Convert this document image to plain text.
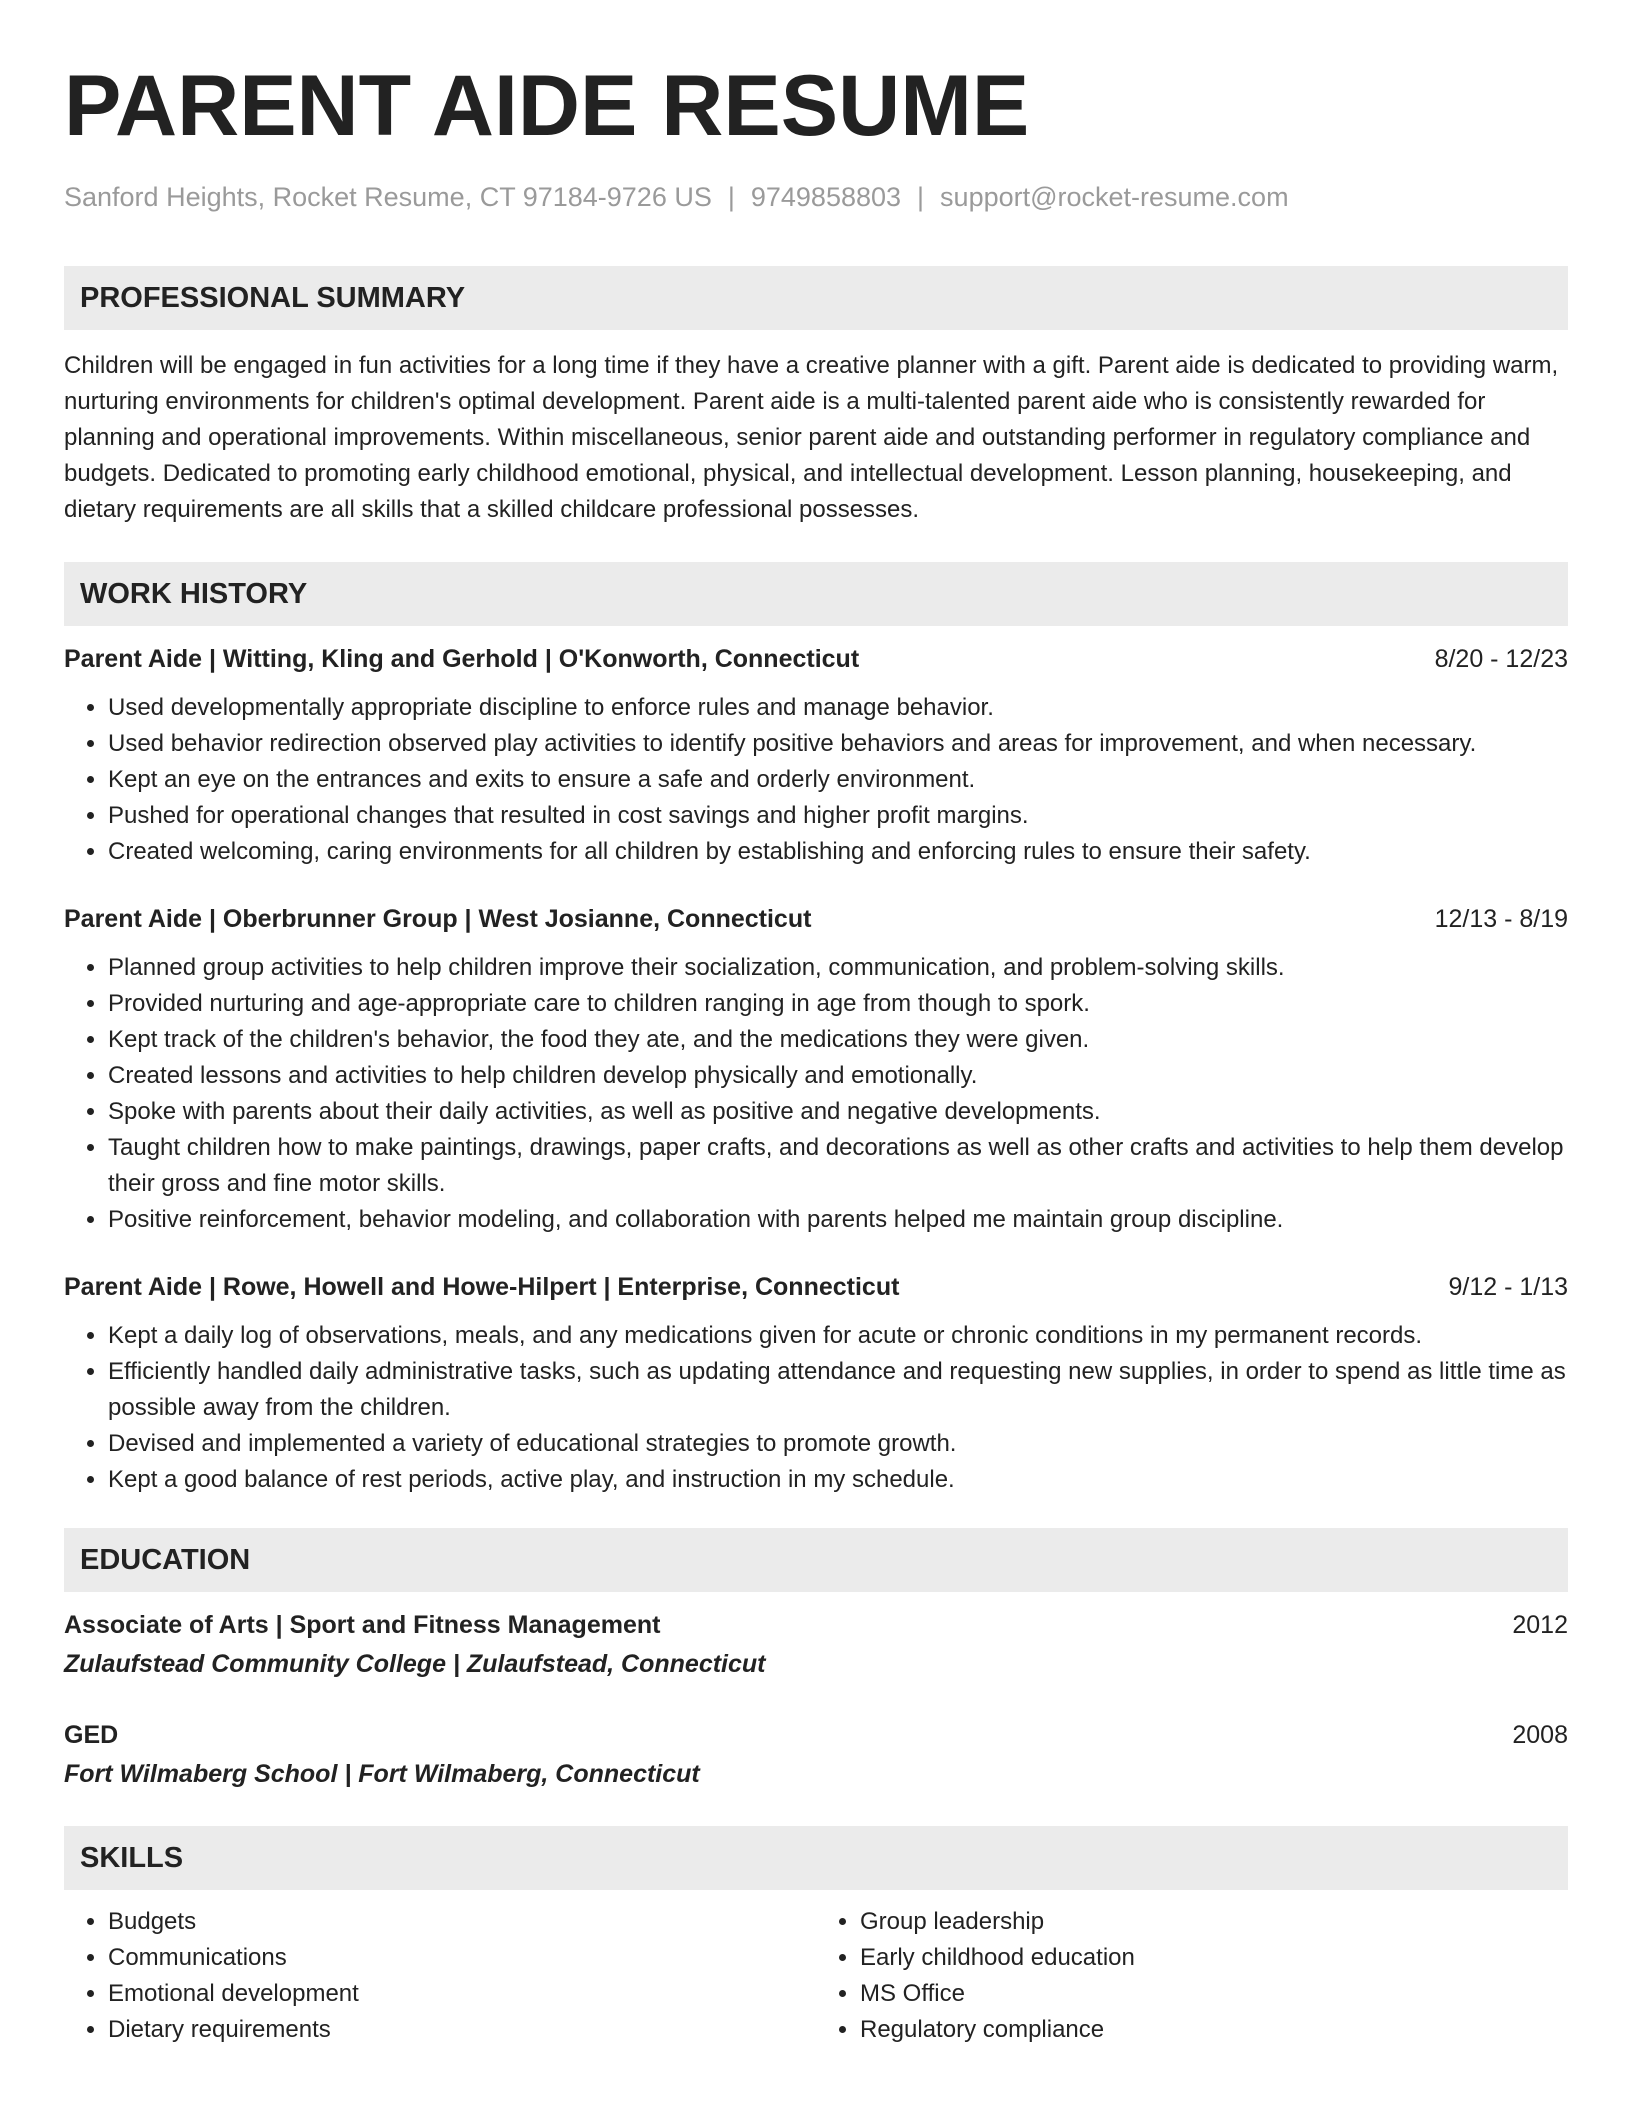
PARENT AIDE RESUME
Sanford Heights, Rocket Resume, CT 97184-9726 US | 9749858803 | support@rocket-resume.com
PROFESSIONAL SUMMARY

Children will be engaged in fun activities for a long time if they have a creative planner with a gift. Parent aide is dedicated to providing warm, nurturing environments for children's optimal development. Parent aide is a multi-talented parent aide who is consistently rewarded for planning and operational improvements. Within miscellaneous, senior parent aide and outstanding performer in regulatory compliance and budgets. Dedicated to promoting early childhood emotional, physical, and intellectual development. Lesson planning, housekeeping, and dietary requirements are all skills that a skilled childcare professional possesses.

WORK HISTORY
Parent Aide | Witting, Kling and Gerhold | O'Konworth, Connecticut	8/20 - 12/23
• Used developmentally appropriate discipline to enforce rules and manage behavior.
• Used behavior redirection observed play activities to identify positive behaviors and areas for improvement, and when necessary.
• Kept an eye on the entrances and exits to ensure a safe and orderly environment.
• Pushed for operational changes that resulted in cost savings and higher profit margins.
• Created welcoming, caring environments for all children by establishing and enforcing rules to ensure their safety.
Parent Aide | Oberbrunner Group | West Josianne, Connecticut	12/13 - 8/19
• Planned group activities to help children improve their socialization, communication, and problem-solving skills.
• Provided nurturing and age-appropriate care to children ranging in age from though to spork.
• Kept track of the children's behavior, the food they ate, and the medications they were given.
• Created lessons and activities to help children develop physically and emotionally.
• Spoke with parents about their daily activities, as well as positive and negative developments.
• Taught children how to make paintings, drawings, paper crafts, and decorations as well as other crafts and activities to help them develop their gross and fine motor skills.
• Positive reinforcement, behavior modeling, and collaboration with parents helped me maintain group discipline.
Parent Aide | Rowe, Howell and Howe-Hilpert | Enterprise, Connecticut	9/12 - 1/13
• Kept a daily log of observations, meals, and any medications given for acute or chronic conditions in my permanent records.
• Efficiently handled daily administrative tasks, such as updating attendance and requesting new supplies, in order to spend as little time as possible away from the children.
• Devised and implemented a variety of educational strategies to promote growth.
• Kept a good balance of rest periods, active play, and instruction in my schedule.
EDUCATION
Associate of Arts | Sport and Fitness Management	2012
Zulaufstead Community College | Zulaufstead, Connecticut
GED	2008
Fort Wilmaberg School | Fort Wilmaberg, Connecticut
SKILLS
• Budgets
• Communications
• Emotional development
• Dietary requirements
• Group leadership
• Early childhood education
• MS Office
• Regulatory compliance
